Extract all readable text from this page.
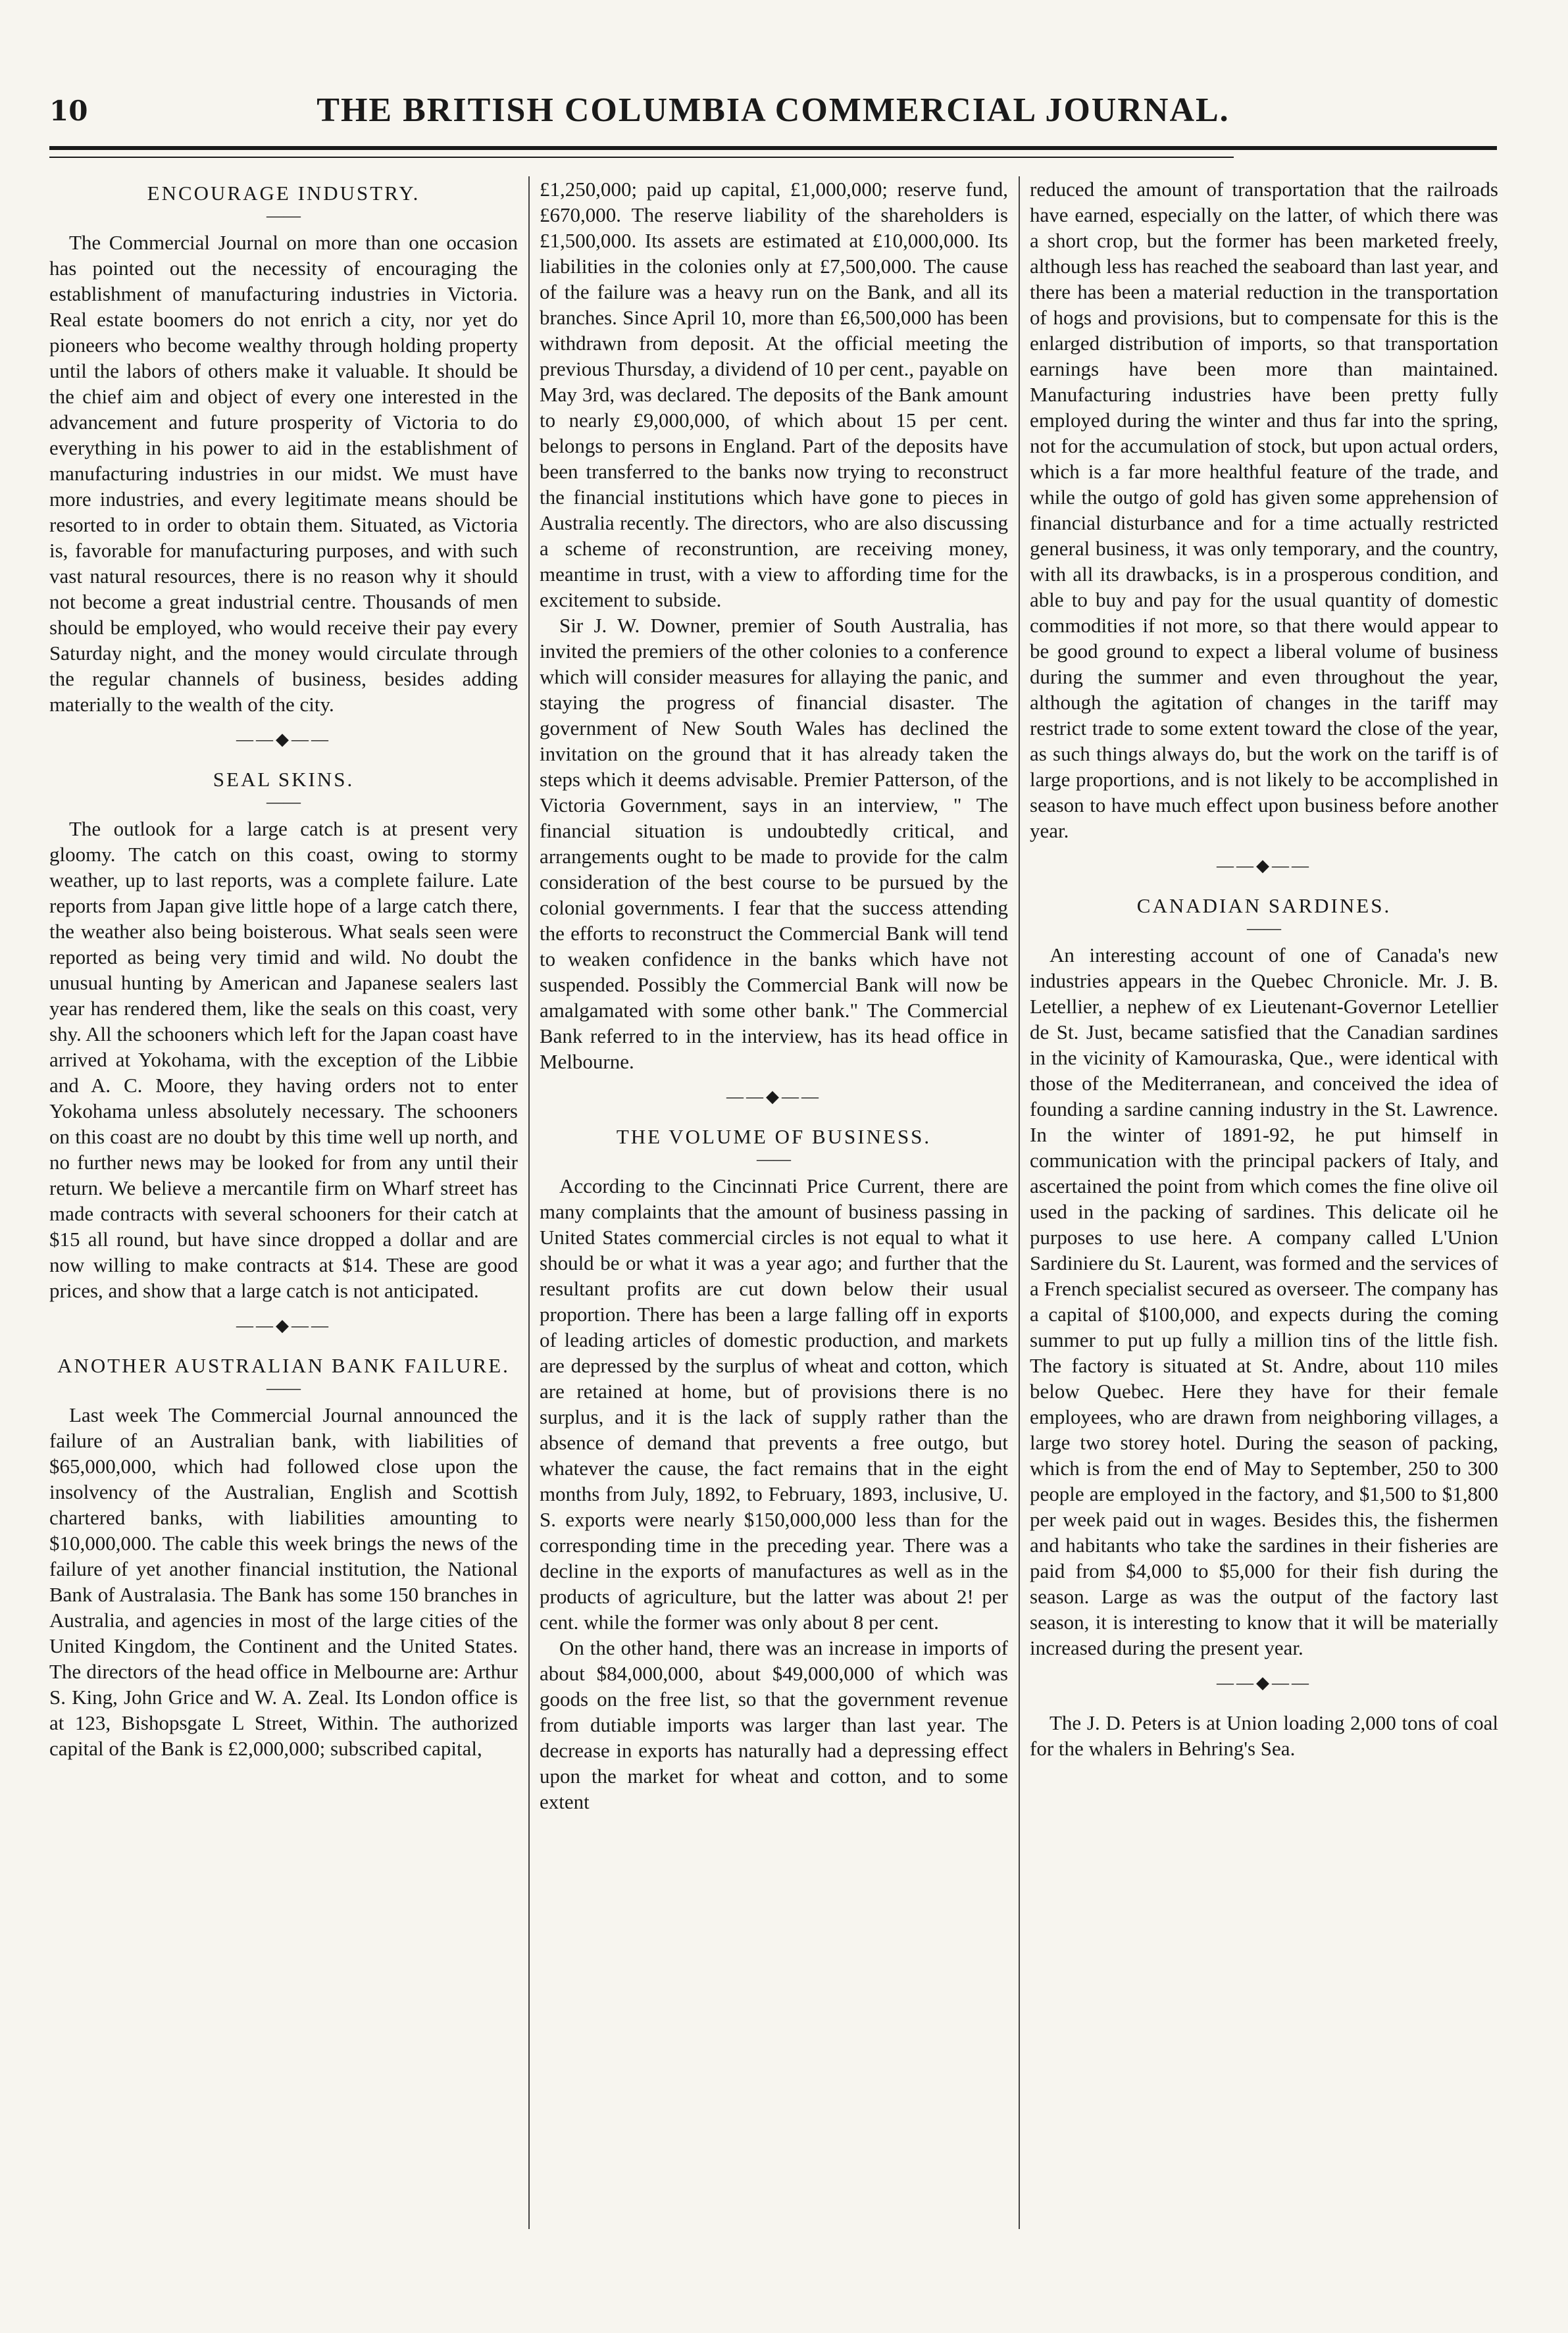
10	THE BRITISH COLUMBIA COMMERCIAL JOURNAL.
ENCOURAGE INDUSTRY.
——

The Commercial Journal on more than one occasion has pointed out the necessity of encouraging the establishment of manufacturing industries in Victoria. Real estate boomers do not enrich a city, nor yet do pioneers who become wealthy through holding property until the labors of others make it valuable. It should be the chief aim and object of every one interested in the advancement and future prosperity of Victoria to do everything in his power to aid in the establishment of manufacturing industries in our midst. We must have more industries, and every legitimate means should be resorted to in order to obtain them. Situated, as Victoria is, favorable for manufacturing purposes, and with such vast natural resources, there is no reason why it should not become a great industrial centre. Thousands of men should be employed, who would receive their pay every Saturday night, and the money would circulate through the regular channels of business, besides adding materially to the wealth of the city.

——◆——
SEAL SKINS.
——

The outlook for a large catch is at present very gloomy. The catch on this coast, owing to stormy weather, up to last reports, was a complete failure. Late reports from Japan give little hope of a large catch there, the weather also being boisterous. What seals seen were reported as being very timid and wild. No doubt the unusual hunting by American and Japanese sealers last year has rendered them, like the seals on this coast, very shy. All the schooners which left for the Japan coast have arrived at Yokohama, with the exception of the Libbie and A. C. Moore, they having orders not to enter Yokohama unless absolutely necessary. The schooners on this coast are no doubt by this time well up north, and no further news may be looked for from any until their return. We believe a mercantile firm on Wharf street has made contracts with several schooners for their catch at $15 all round, but have since dropped a dollar and are now willing to make contracts at $14. These are good prices, and show that a large catch is not anticipated.

——◆——
ANOTHER AUSTRALIAN BANK FAILURE.
——

Last week The Commercial Journal announced the failure of an Australian bank, with liabilities of $65,000,000, which had followed close upon the insolvency of the Australian, English and Scottish chartered banks, with liabilities amounting to $10,000,000. The cable this week brings the news of the failure of yet another financial institution, the National Bank of Australasia. The Bank has some 150 branches in Australia, and agencies in most of the large cities of the United Kingdom, the Continent and the United States. The directors of the head office in Melbourne are: Arthur S. King, John Grice and W. A. Zeal. Its London office is at 123, Bishopsgate L Street, Within. The authorized capital of the Bank is £2,000,000; subscribed capital,

£1,250,000; paid up capital, £1,000,000; reserve fund, £670,000. The reserve liability of the shareholders is £1,500,000. Its assets are estimated at £10,000,000. Its liabilities in the colonies only at £7,500,000. The cause of the failure was a heavy run on the Bank, and all its branches. Since April 10, more than £6,500,000 has been withdrawn from deposit. At the official meeting the previous Thursday, a dividend of 10 per cent., payable on May 3rd, was declared. The deposits of the Bank amount to nearly £9,000,000, of which about 15 per cent. belongs to persons in England. Part of the deposits have been transferred to the banks now trying to reconstruct the financial institutions which have gone to pieces in Australia recently. The directors, who are also discussing a scheme of reconstruntion, are receiving money, meantime in trust, with a view to affording time for the excitement to subside.

Sir J. W. Downer, premier of South Australia, has invited the premiers of the other colonies to a conference which will consider measures for allaying the panic, and staying the progress of financial disaster. The government of New South Wales has declined the invitation on the ground that it has already taken the steps which it deems advisable. Premier Patterson, of the Victoria Government, says in an interview, " The financial situation is undoubtedly critical, and arrangements ought to be made to provide for the calm consideration of the best course to be pursued by the colonial governments. I fear that the success attending the efforts to reconstruct the Commercial Bank will tend to weaken confidence in the banks which have not suspended. Possibly the Commercial Bank will now be amalgamated with some other bank." The Commercial Bank referred to in the interview, has its head office in Melbourne.

——◆——
THE VOLUME OF BUSINESS.
——

According to the Cincinnati Price Current, there are many complaints that the amount of business passing in United States commercial circles is not equal to what it should be or what it was a year ago; and further that the resultant profits are cut down below their usual proportion. There has been a large falling off in exports of leading articles of domestic production, and markets are depressed by the surplus of wheat and cotton, which are retained at home, but of provisions there is no surplus, and it is the lack of supply rather than the absence of demand that prevents a free outgo, but whatever the cause, the fact remains that in the eight months from July, 1892, to February, 1893, inclusive, U. S. exports were nearly $150,000,000 less than for the corresponding time in the preceding year. There was a decline in the exports of manufactures as well as in the products of agriculture, but the latter was about 2! per cent. while the former was only about 8 per cent.

On the other hand, there was an increase in imports of about $84,000,000, about $49,000,000 of which was goods on the free list, so that the government revenue from dutiable imports was larger than last year. The decrease in exports has naturally had a depressing effect upon the market for wheat and cotton, and to some extent

reduced the amount of transportation that the railroads have earned, especially on the latter, of which there was a short crop, but the former has been marketed freely, although less has reached the seaboard than last year, and there has been a material reduction in the transportation of hogs and provisions, but to compensate for this is the enlarged distribution of imports, so that transportation earnings have been more than maintained. Manufacturing industries have been pretty fully employed during the winter and thus far into the spring, not for the accumulation of stock, but upon actual orders, which is a far more healthful feature of the trade, and while the outgo of gold has given some apprehension of financial disturbance and for a time actually restricted general business, it was only temporary, and the country, with all its drawbacks, is in a prosperous condition, and able to buy and pay for the usual quantity of domestic commodities if not more, so that there would appear to be good ground to expect a liberal volume of business during the summer and even throughout the year, although the agitation of changes in the tariff may restrict trade to some extent toward the close of the year, as such things always do, but the work on the tariff is of large proportions, and is not likely to be accomplished in season to have much effect upon business before another year.

——◆——
CANADIAN SARDINES.
——

An interesting account of one of Canada's new industries appears in the Quebec Chronicle. Mr. J. B. Letellier, a nephew of ex Lieutenant-Governor Letellier de St. Just, became satisfied that the Canadian sardines in the vicinity of Kamouraska, Que., were identical with those of the Mediterranean, and conceived the idea of founding a sardine canning industry in the St. Lawrence. In the winter of 1891-92, he put himself in communication with the principal packers of Italy, and ascertained the point from which comes the fine olive oil used in the packing of sardines. This delicate oil he purposes to use here. A company called L'Union Sardiniere du St. Laurent, was formed and the services of a French specialist secured as overseer. The company has a capital of $100,000, and expects during the coming summer to put up fully a million tins of the little fish. The factory is situated at St. Andre, about 110 miles below Quebec. Here they have for their female employees, who are drawn from neighboring villages, a large two storey hotel. During the season of packing, which is from the end of May to September, 250 to 300 people are employed in the factory, and $1,500 to $1,800 per week paid out in wages. Besides this, the fishermen and habitants who take the sardines in their fisheries are paid from $4,000 to $5,000 for their fish during the season. Large as was the output of the factory last season, it is interesting to know that it will be materially increased during the present year.

——◆——

The J. D. Peters is at Union loading 2,000 tons of coal for the whalers in Behring's Sea.
